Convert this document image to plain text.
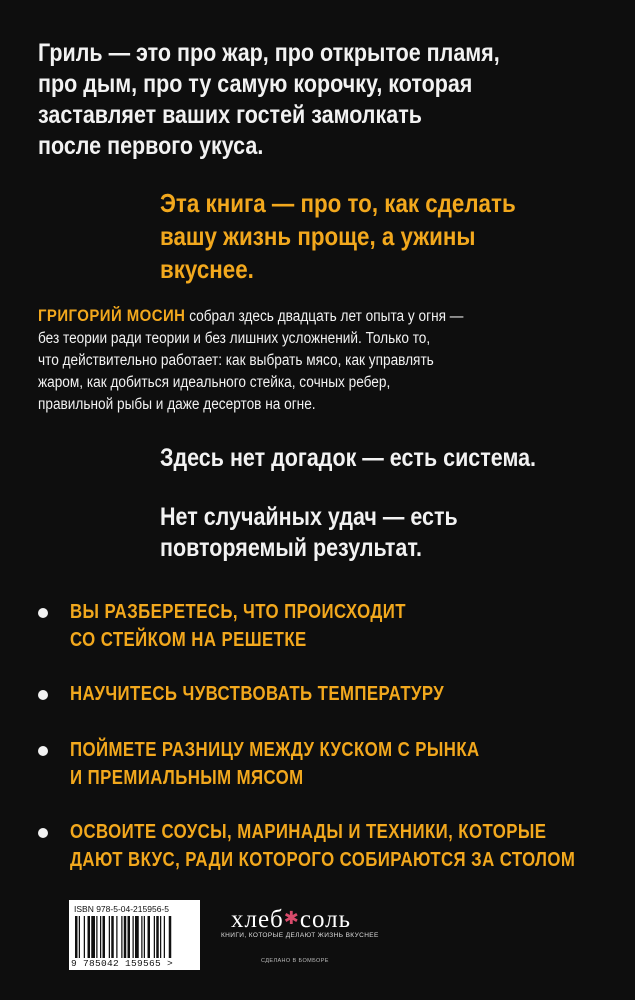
Гриль — это про жар, про открытое пламя,
про дым, про ту самую корочку, которая
заставляет ваших гостей замолкать
после первого укуса.
Эта книга — про то, как сделать
вашу жизнь проще, а ужины
вкуснее.
ГРИГОРИЙ МОСИН собрал здесь двадцать лет опыта у огня —
без теории ради теории и без лишних усложнений. Только то,
что действительно работает: как выбрать мясо, как управлять
жаром, как добиться идеального стейка, сочных ребер,
правильной рыбы и даже десертов на огне.
Здесь нет догадок — есть система.
Нет случайных удач — есть
повторяемый результат.
ВЫ РАЗБЕРЕТЕСЬ, ЧТО ПРОИСХОДИТ
СО СТЕЙКОМ НА РЕШЕТКЕ
НАУЧИТЕСЬ ЧУВСТВОВАТЬ ТЕМПЕРАТУРУ
ПОЙМЕТЕ РАЗНИЦУ МЕЖДУ КУСКОМ С РЫНКА
И ПРЕМИАЛЬНЫМ МЯСОМ
ОСВОИТЕ СОУСЫ, МАРИНАДЫ И ТЕХНИКИ, КОТОРЫЕ
ДАЮТ ВКУС, РАДИ КОТОРОГО СОБИРАЮТСЯ ЗА СТОЛОМ
ISBN 978-5-04-215956-5
9 785042 159565 >
хлеб✱соль
КНИГИ, КОТОРЫЕ ДЕЛАЮТ ЖИЗНЬ ВКУСНЕЕ
СДЕЛАНО В БОМБОРЕ
